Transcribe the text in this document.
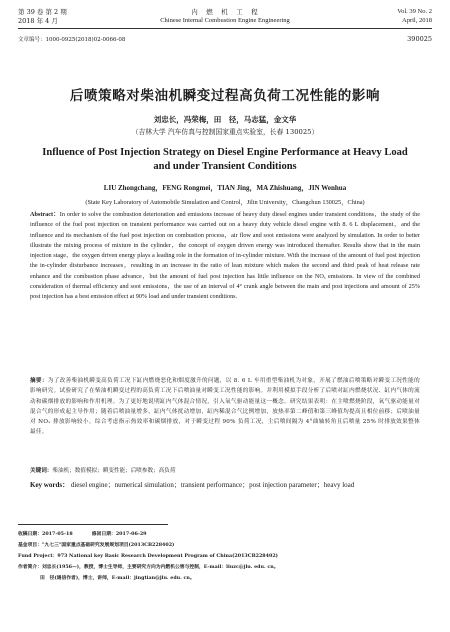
第 39 卷 第 2 期
2018 年 4 月
内　燃　机　工　程
Chinese Internal Combustion Engine Engineering
Vol. 39 No. 2
April, 2018
文章编号：1000-0925(2018)02-0066-08	390025
后喷策略对柴油机瞬变过程高负荷工况性能的影响
刘忠长，冯荣梅，田　径，马志猛，金文华
（吉林大学 汽车仿真与控制国家重点实验室，长春 130025）
Influence of Post Injection Strategy on Diesel Engine Performance at Heavy Load and under Transient Conditions
LIU Zhongchang，FENG Rongmei，TIAN Jing，MA Zhishuang，JIN Wenhua
(State Key Laboratory of Automobile Simulation and Control，Jilin University，Changchun 130025，China)

Abstract：In order to solve the combustion deterioration and emissions increase of heavy duty diesel engines under transient conditions，the study of the influence of the fuel post injection on transient performance was carried out on a heavy duty vehicle diesel engine with 8. 6 L displacement，and the influence and its mechanism of the fuel post injection on combustion process，air flow and soot emissions were analyzed by simulation. In order to better illustrate the mixing process of mixture in the cylinder，the concept of oxygen driven energy was introduced thereafter. Results show that in the main injection stage，the oxygen driven energy plays a leading role in the formation of in-cylinder mixture. With the increase of the amount of fuel post injection the in-cylinder disturbance increases，resulting in an increase in the ratio of lean mixture which makes the second and third peak of heat release rate enhance and the combustion phase advance，but the amount of fuel post injection has little influence on the NOₓ emissions. In view of the combined consideration of thermal efficiency and soot emissions，the use of an interval of 4° crank angle between the main and post injections and amount of 25% post injection has a best emission effect at 90% load and under transient conditions.

摘要：为了改善柴油机瞬变高负荷工况下缸内燃烧恶化和烟度激升的问题，以 8. 6 L 车用重型柴油机为对象，开展了燃油后喷策略对瞬变工况性能的影响研究。试验研究了在柴油机瞬变过程的高负荷工况下后喷油量对瞬变工况性能的影响。并利用模拟手段分析了后喷对缸内燃烧状况、缸内气体的流动和碳烟排放的影响和作用机理。为了更好地说明缸内气体混合情况，引入氧气驱动能量这一概念。研究结果表明：在主喷燃烧阶段，氧气驱动能量对混合气的形成起主导作用；随着后喷油量增多，缸内气体扰动增加，缸内稀混合气比例增加，放热率第二峰值和第三峰值均提高且相位前移；后喷油量对 NOₓ 排放影响较小。综合考虑指示热效率和碳烟排放，对于瞬变过程 90% 负荷工况，主后喷间隔为 4°曲轴转角且后喷量 25% 时排放效果整体最佳。

关键词：柴油机；数值模拟；瞬变性能；后喷参数；高负荷

Key words： diesel engine；numerical simulation；transient performance；post injection parameter；heavy load

收稿日期：2017-05-18　　　　修回日期：2017-06-29
基金项目："九七三"国家重点基础研究发展规划项目(2013CB228402)
Fund Project：973 National key Basic Research Development Program of China(2013CB228402)
作者简介：刘忠长(1956—)，教授，博士生导师，主要研究方向为内燃机公害与控制，E-mail：liuzc@jlu. edu. cn。
田　径(通信作者)，博士，讲师，E-mail：jingtian@jlu. edu. cn。
